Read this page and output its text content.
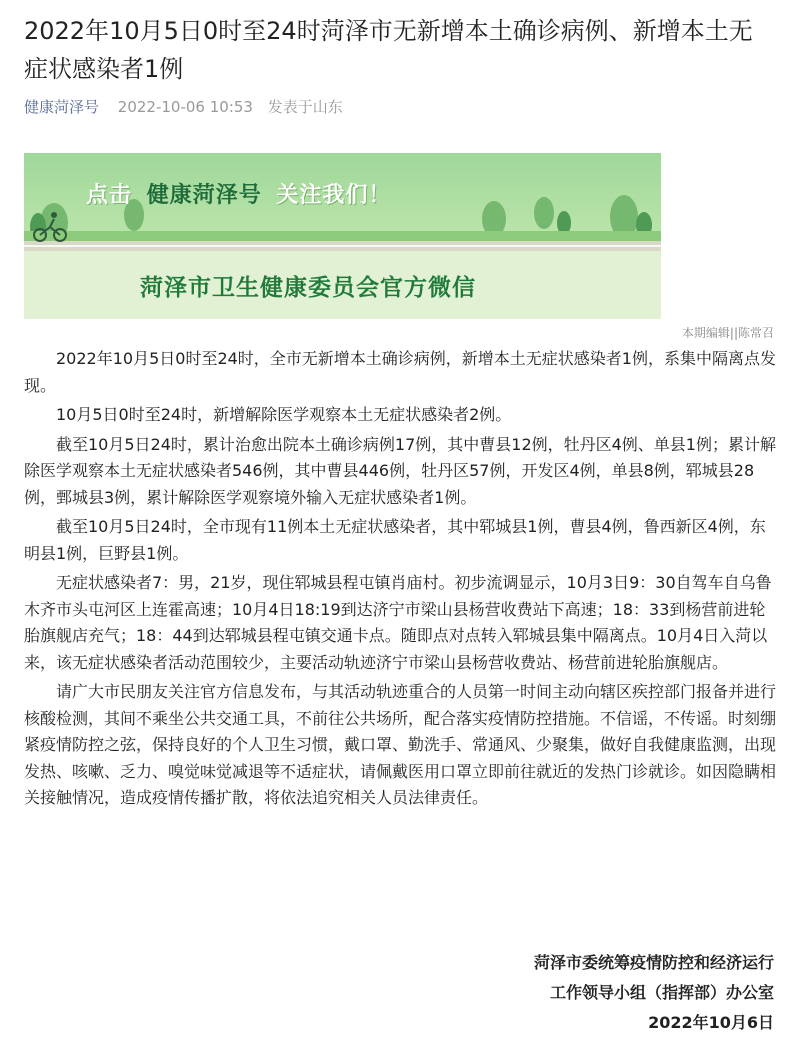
2022年10月5日0时至24时菏泽市无新增本土确诊病例、新增本土无症状感染者1例
健康菏泽号 2022-10-06 10:53 发表于山东
点击 健康菏泽号 关注我们！
菏泽市卫生健康委员会官方微信
本期编辑||陈常召

2022年10月5日0时至24时，全市无新增本土确诊病例，新增本土无症状感染者1例，系集中隔离点发现。

10月5日0时至24时，新增解除医学观察本土无症状感染者2例。

截至10月5日24时，累计治愈出院本土确诊病例17例，其中曹县12例，牡丹区4例、单县1例；累计解除医学观察本土无症状感染者546例，其中曹县446例，牡丹区57例，开发区4例，单县8例，郓城县28例，鄄城县3例，累计解除医学观察境外输入无症状感染者1例。

截至10月5日24时，全市现有11例本土无症状感染者，其中郓城县1例，曹县4例，鲁西新区4例，东明县1例，巨野县1例。

无症状感染者7：男，21岁，现住郓城县程屯镇肖庙村。初步流调显示，10月3日9：30自驾车自乌鲁木齐市头屯河区上连霍高速；10月4日18:19到达济宁市梁山县杨营收费站下高速；18：33到杨营前进轮胎旗舰店充气；18：44到达郓城县程屯镇交通卡点。随即点对点转入郓城县集中隔离点。10月4日入菏以来，该无症状感染者活动范围较少，主要活动轨迹济宁市梁山县杨营收费站、杨营前进轮胎旗舰店。

请广大市民朋友关注官方信息发布，与其活动轨迹重合的人员第一时间主动向辖区疾控部门报备并进行核酸检测，其间不乘坐公共交通工具，不前往公共场所，配合落实疫情防控措施。不信谣，不传谣。时刻绷紧疫情防控之弦，保持良好的个人卫生习惯，戴口罩、勤洗手、常通风、少聚集，做好自我健康监测，出现发热、咳嗽、乏力、嗅觉味觉减退等不适症状，请佩戴医用口罩立即前往就近的发热门诊就诊。如因隐瞒相关接触情况，造成疫情传播扩散，将依法追究相关人员法律责任。

菏泽市委统筹疫情防控和经济运行
工作领导小组（指挥部）办公室
2022年10月6日
